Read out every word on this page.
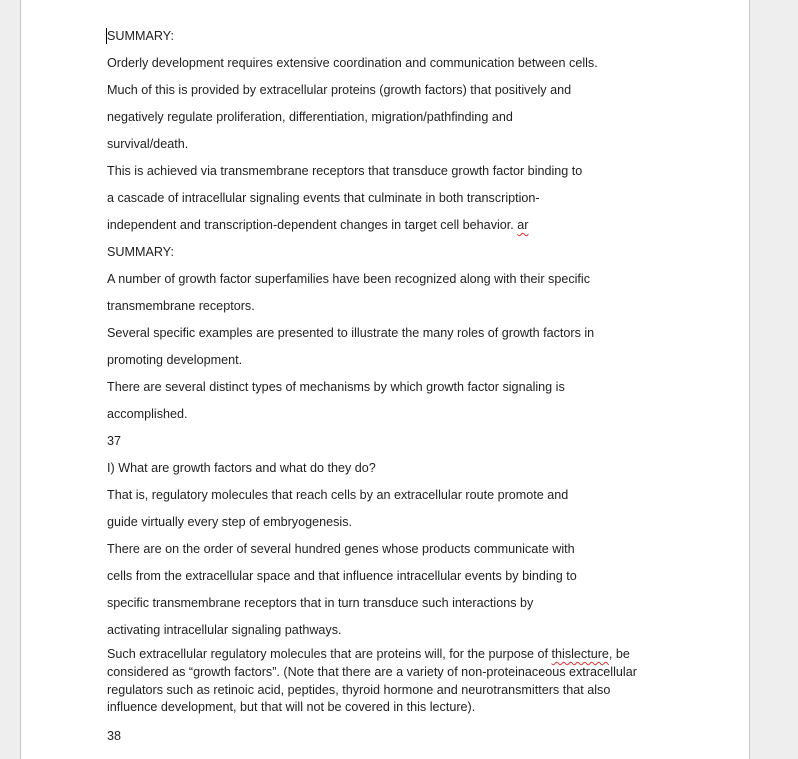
SUMMARY:
Orderly development requires extensive coordination and communication between cells.
Much of this is provided by extracellular proteins (growth factors) that positively and
negatively regulate proliferation, differentiation, migration/pathfinding and
survival/death.
This is achieved via transmembrane receptors that transduce growth factor binding to
a cascade of intracellular signaling events that culminate in both transcription-
independent and transcription-dependent changes in target cell behavior. ar
SUMMARY:
A number of growth factor superfamilies have been recognized along with their specific
transmembrane receptors.
Several specific examples are presented to illustrate the many roles of growth factors in
promoting development.
There are several distinct types of mechanisms by which growth factor signaling is
accomplished.
37
I) What are growth factors and what do they do?
That is, regulatory molecules that reach cells by an extracellular route promote and
guide virtually every step of embryogenesis.
There are on the order of several hundred genes whose products communicate with
cells from the extracellular space and that influence intracellular events by binding to
specific transmembrane receptors that in turn transduce such interactions by
activating intracellular signaling pathways.
Such extracellular regulatory molecules that are proteins will, for the purpose of thislecture, be
considered as “growth factors”. (Note that there are a variety of non-proteinaceous extracellular
regulators such as retinoic acid, peptides, thyroid hormone and neurotransmitters that also
influence development, but that will not be covered in this lecture).
38
